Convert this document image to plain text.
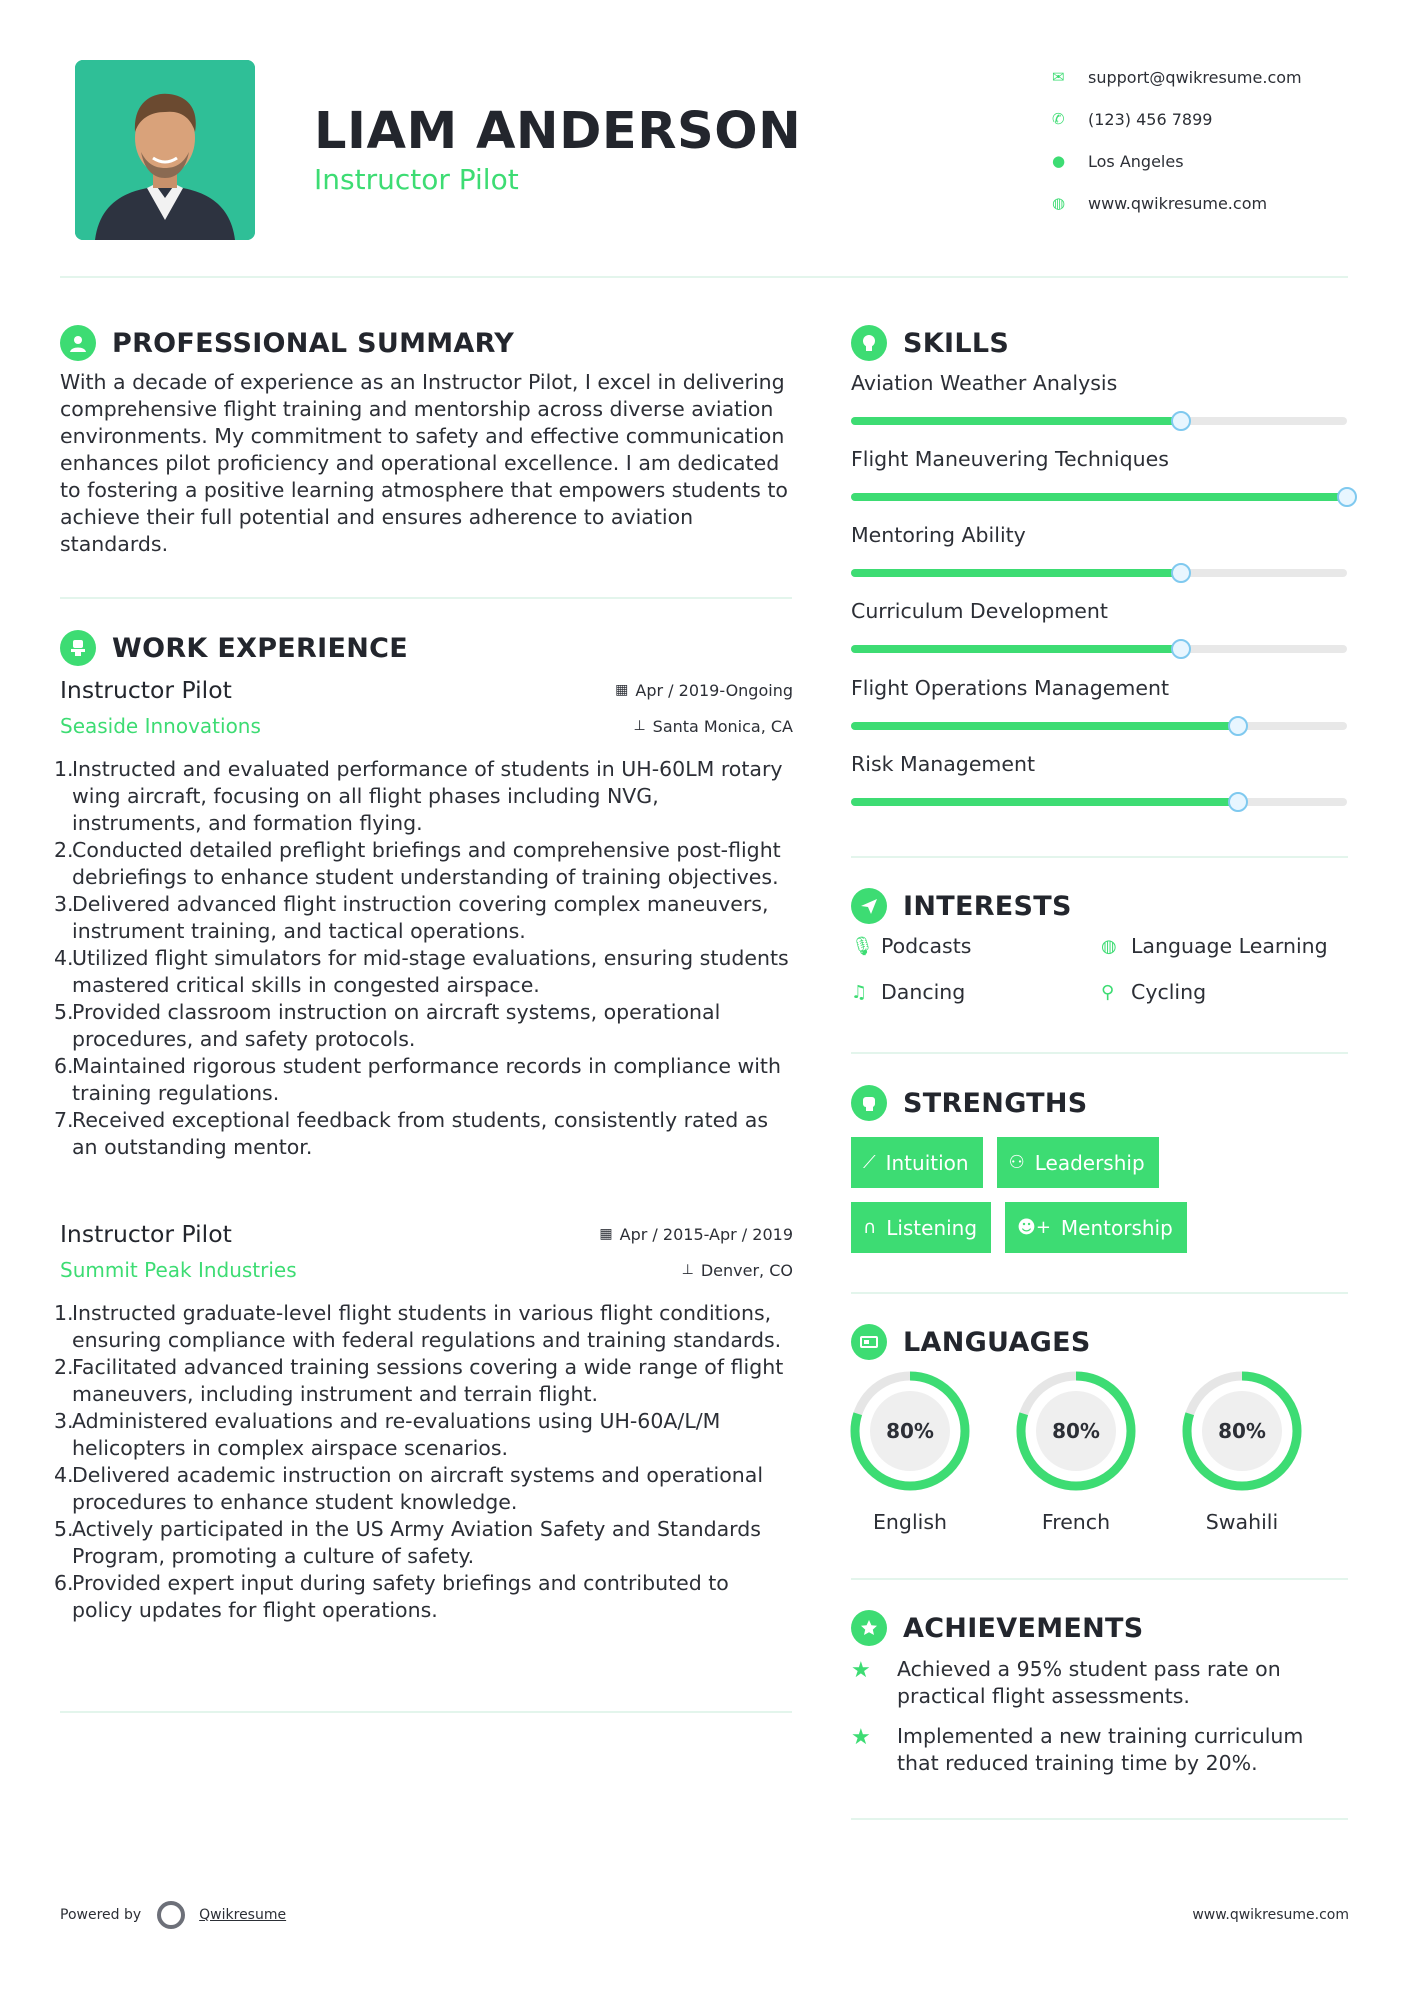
LIAM ANDERSON
Instructor Pilot
✉	support@qwikresume.com
✆	(123) 456 7899
●	Los Angeles
◍	www.qwikresume.com
PROFESSIONAL SUMMARY
With a decade of experience as an Instructor Pilot, I excel in delivering comprehensive flight training and mentorship across diverse aviation environments. My commitment to safety and effective communication enhances pilot proficiency and operational excellence. I am dedicated to fostering a positive learning atmosphere that empowers students to achieve their full potential and ensures adherence to aviation standards.
WORK EXPERIENCE
Instructor Pilot	▦ Apr / 2019-Ongoing
Seaside Innovations	⊥ Santa Monica, CA
1.
Instructed and evaluated performance of students in UH-60LM rotary wing aircraft, focusing on all flight phases including NVG, instruments, and formation flying.
2.
Conducted detailed preflight briefings and comprehensive post-flight debriefings to enhance student understanding of training objectives.
3.
Delivered advanced flight instruction covering complex maneuvers, instrument training, and tactical operations.
4.
Utilized flight simulators for mid-stage evaluations, ensuring students mastered critical skills in congested airspace.
5.
Provided classroom instruction on aircraft systems, operational procedures, and safety protocols.
6.
Maintained rigorous student performance records in compliance with training regulations.
7.
Received exceptional feedback from students, consistently rated as an outstanding mentor.
Instructor Pilot	▦ Apr / 2015-Apr / 2019
Summit Peak Industries	⊥ Denver, CO
1.
Instructed graduate-level flight students in various flight conditions, ensuring compliance with federal regulations and training standards.
2.
Facilitated advanced training sessions covering a wide range of flight maneuvers, including instrument and terrain flight.
3.
Administered evaluations and re-evaluations using UH-60A/L/M helicopters in complex airspace scenarios.
4.
Delivered academic instruction on aircraft systems and operational procedures to enhance student knowledge.
5.
Actively participated in the US Army Aviation Safety and Standards Program, promoting a culture of safety.
6.
Provided expert input during safety briefings and contributed to policy updates for flight operations.
SKILLS
Aviation Weather Analysis
Flight Maneuvering Techniques
Mentoring Ability
Curriculum Development
Flight Operations Management
Risk Management
INTERESTS
🎙︎ Podcasts	◍ Language Learning
♫ Dancing	⚲ Cycling
STRENGTHS
⟋ Intuition ⚇ Leadership
∩ Listening ☻+ Mentorship
LANGUAGES
80%
English
80%
French
80%
Swahili
ACHIEVEMENTS
★	Achieved a 95% student pass rate on practical flight assessments.
★	Implemented a new training curriculum that reduced training time by 20%.
Powered by	Qwikresume	www.qwikresume.com
